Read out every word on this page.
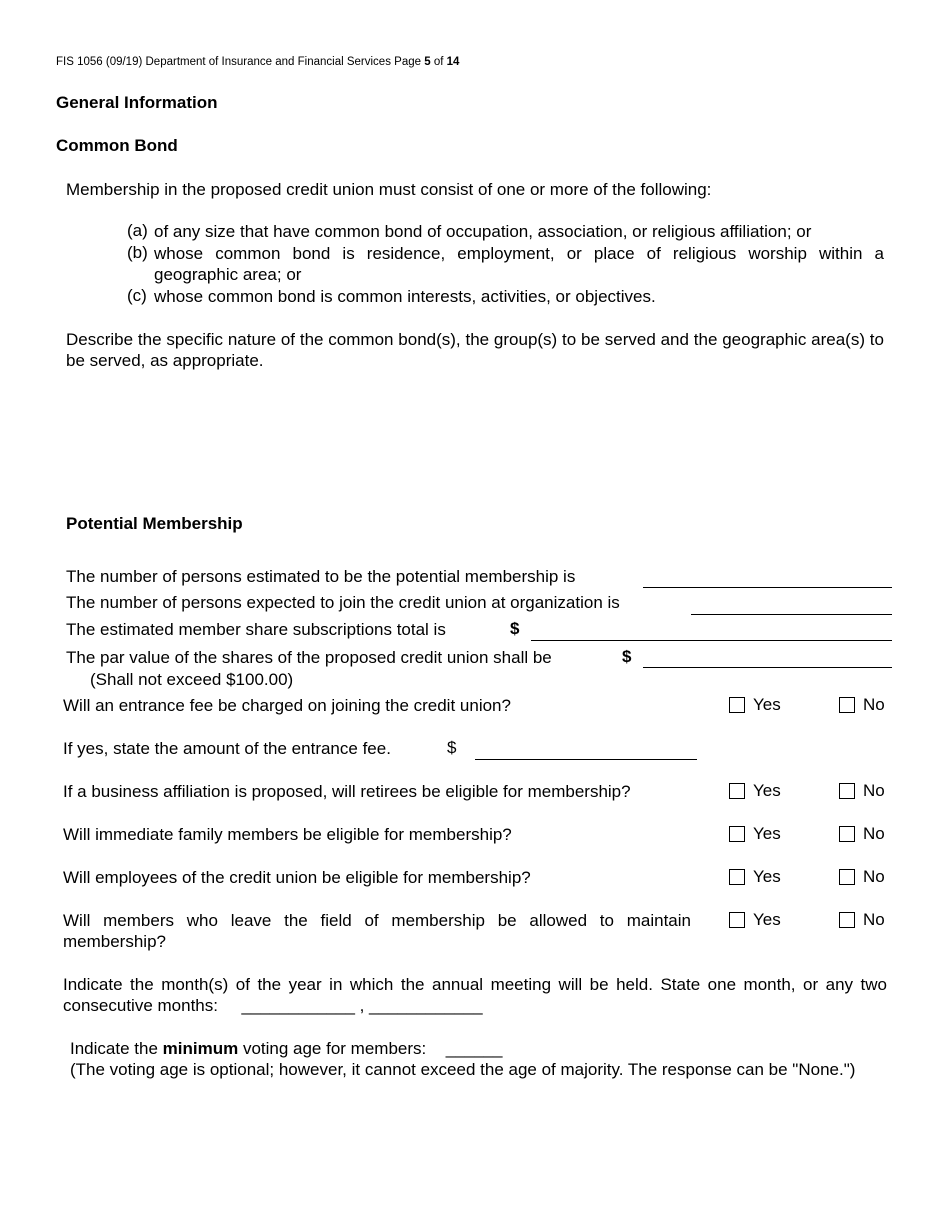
FIS 1056 (09/19) Department of Insurance and Financial Services Page 5 of 14
General Information
Common Bond
Membership in the proposed credit union must consist of one or more of the following:
(a) of any size that have common bond of occupation, association, or religious affiliation; or
(b) whose common bond is residence, employment, or place of religious worship within a geographic area; or
(c) whose common bond is common interests, activities, or objectives.
Describe the specific nature of the common bond(s), the group(s) to be served and the geographic area(s) to be served, as appropriate.
Potential Membership
The number of persons estimated to be the potential membership is
The number of persons expected to join the credit union at organization is
The estimated member share subscriptions total is	$
The par value of the shares of the proposed credit union shall be	$
(Shall not exceed $100.00)
Will an entrance fee be charged on joining the credit union?	Yes	No
If yes, state the amount of the entrance fee.	$
If a business affiliation is proposed, will retirees be eligible for membership?	Yes	No
Will immediate family members be eligible for membership?	Yes	No
Will employees of the credit union be eligible for membership?	Yes	No
Will members who leave the field of membership be allowed to maintain membership?
Yes	No
Indicate the month(s) of the year in which the annual meeting will be held. State one month, or any two consecutive months: ____________ , ____________
Indicate the minimum voting age for members: ______
(The voting age is optional; however, it cannot exceed the age of majority. The response can be "None.")
